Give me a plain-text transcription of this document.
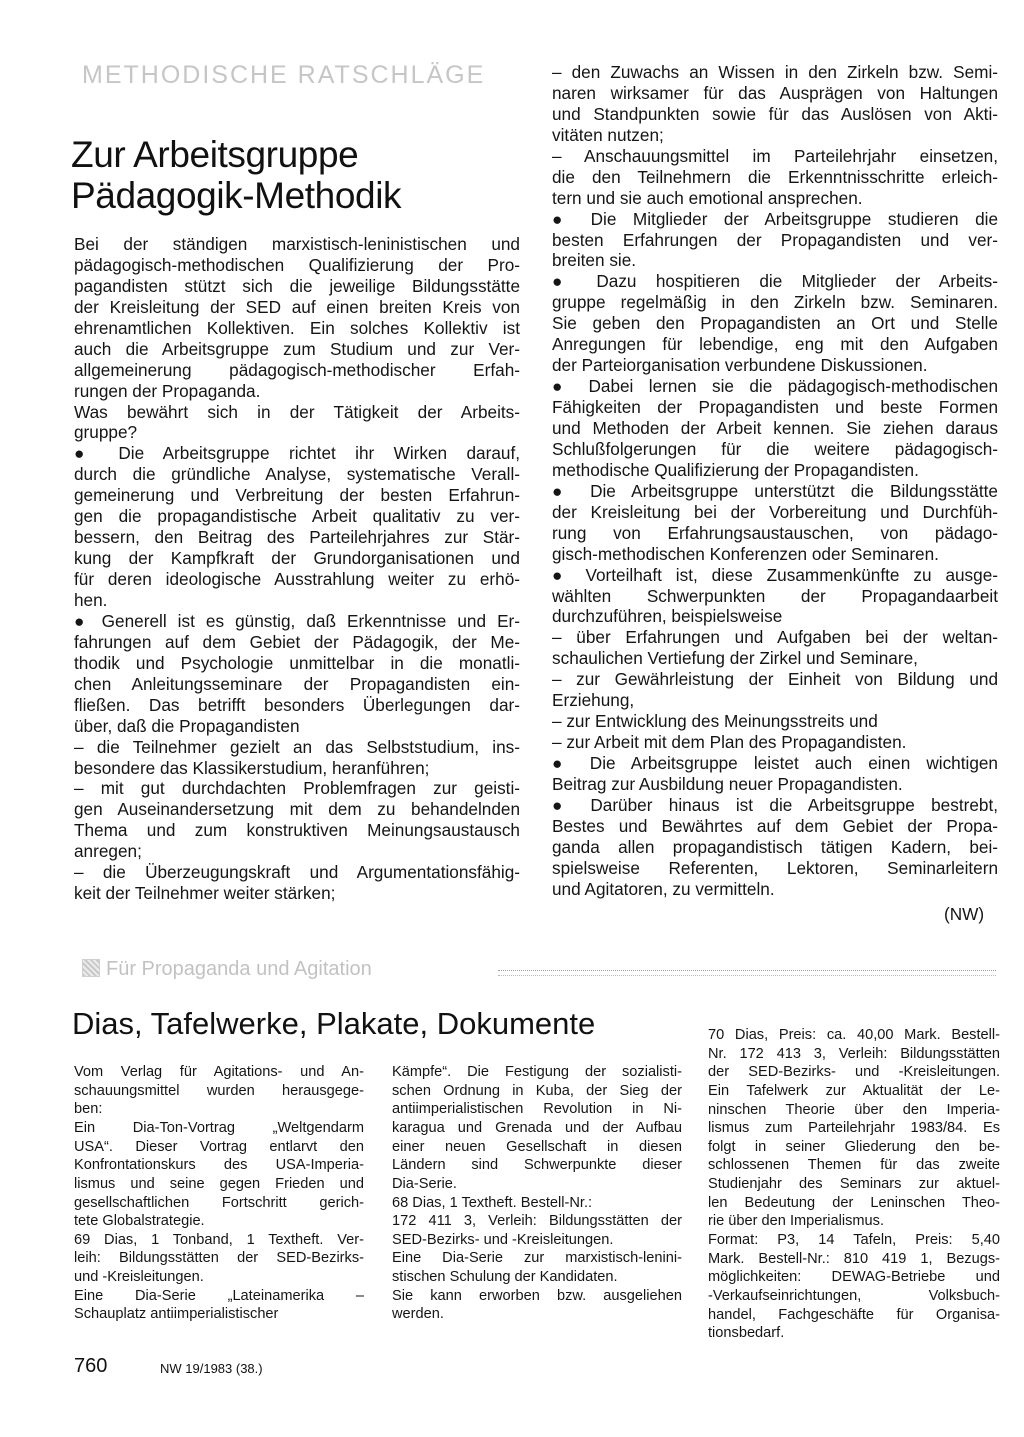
METHODISCHE RATSCHLÄGE
Zur Arbeitsgruppe
Pädagogik-Methodik
Bei der ständigen marxistisch-leninistischen und
pädagogisch-methodischen Qualifizierung der Pro-
pagandisten stützt sich die jeweilige Bildungsstätte
der Kreisleitung der SED auf einen breiten Kreis von
ehrenamtlichen Kollektiven. Ein solches Kollektiv ist
auch die Arbeitsgruppe zum Studium und zur Ver-
allgemeinerung pädagogisch-methodischer Erfah-
rungen der Propaganda.
Was bewährt sich in der Tätigkeit der Arbeits-
gruppe?
● Die Arbeitsgruppe richtet ihr Wirken darauf,
durch die gründliche Analyse, systematische Verall-
gemeinerung und Verbreitung der besten Erfahrun-
gen die propagandistische Arbeit qualitativ zu ver-
bessern, den Beitrag des Parteilehrjahres zur Stär-
kung der Kampfkraft der Grundorganisationen und
für deren ideologische Ausstrahlung weiter zu erhö-
hen.
● Generell ist es günstig, daß Erkenntnisse und Er-
fahrungen auf dem Gebiet der Pädagogik, der Me-
thodik und Psychologie unmittelbar in die monatli-
chen Anleitungsseminare der Propagandisten ein-
fließen. Das betrifft besonders Überlegungen dar-
über, daß die Propagandisten
– die Teilnehmer gezielt an das Selbststudium, ins-
besondere das Klassikerstudium, heranführen;
– mit gut durchdachten Problemfragen zur geisti-
gen Auseinandersetzung mit dem zu behandelnden
Thema und zum konstruktiven Meinungsaustausch
anregen;
– die Überzeugungskraft und Argumentationsfähig-
keit der Teilnehmer weiter stärken;
– den Zuwachs an Wissen in den Zirkeln bzw. Semi-
naren wirksamer für das Ausprägen von Haltungen
und Standpunkten sowie für das Auslösen von Akti-
vitäten nutzen;
– Anschauungsmittel im Parteilehrjahr einsetzen,
die den Teilnehmern die Erkenntnisschritte erleich-
tern und sie auch emotional ansprechen.
● Die Mitglieder der Arbeitsgruppe studieren die
besten Erfahrungen der Propagandisten und ver-
breiten sie.
● Dazu hospitieren die Mitglieder der Arbeits-
gruppe regelmäßig in den Zirkeln bzw. Seminaren.
Sie geben den Propagandisten an Ort und Stelle
Anregungen für lebendige, eng mit den Aufgaben
der Parteiorganisation verbundene Diskussionen.
● Dabei lernen sie die pädagogisch-methodischen
Fähigkeiten der Propagandisten und beste Formen
und Methoden der Arbeit kennen. Sie ziehen daraus
Schlußfolgerungen für die weitere pädagogisch-
methodische Qualifizierung der Propagandisten.
● Die Arbeitsgruppe unterstützt die Bildungsstätte
der Kreisleitung bei der Vorbereitung und Durchfüh-
rung von Erfahrungsaustauschen, von pädago-
gisch-methodischen Konferenzen oder Seminaren.
● Vorteilhaft ist, diese Zusammenkünfte zu ausge-
wählten Schwerpunkten der Propagandaarbeit
durchzuführen, beispielsweise
– über Erfahrungen und Aufgaben bei der weltan-
schaulichen Vertiefung der Zirkel und Seminare,
– zur Gewährleistung der Einheit von Bildung und
Erziehung,
– zur Entwicklung des Meinungsstreits und
– zur Arbeit mit dem Plan des Propagandisten.
● Die Arbeitsgruppe leistet auch einen wichtigen
Beitrag zur Ausbildung neuer Propagandisten.
● Darüber hinaus ist die Arbeitsgruppe bestrebt,
Bestes und Bewährtes auf dem Gebiet der Propa-
ganda allen propagandistisch tätigen Kadern, bei-
spielsweise Referenten, Lektoren, Seminarleitern
und Agitatoren, zu vermitteln.
(NW)
Für Propaganda und Agitation
Dias, Tafelwerke, Plakate, Dokumente
Vom Verlag für Agitations- und An-
schauungsmittel wurden herausgege-
ben:
Ein Dia-Ton-Vortrag „Weltgendarm
USA“. Dieser Vortrag entlarvt den
Konfrontationskurs des USA-Imperia-
lismus und seine gegen Frieden und
gesellschaftlichen Fortschritt gerich-
tete Globalstrategie.
69 Dias, 1 Tonband, 1 Textheft. Ver-
leih: Bildungsstätten der SED-Bezirks-
und -Kreisleitungen.
Eine Dia-Serie „Lateinamerika –
Schauplatz antiimperialistischer
Kämpfe“. Die Festigung der sozialisti-
schen Ordnung in Kuba, der Sieg der
antiimperialistischen Revolution in Ni-
karagua und Grenada und der Aufbau
einer neuen Gesellschaft in diesen
Ländern sind Schwerpunkte dieser
Dia-Serie.
68 Dias, 1 Textheft. Bestell-Nr.:
172 411 3, Verleih: Bildungsstätten der
SED-Bezirks- und -Kreisleitungen.
Eine Dia-Serie zur marxistisch-lenini-
stischen Schulung der Kandidaten.
Sie kann erworben bzw. ausgeliehen
werden.
70 Dias, Preis: ca. 40,00 Mark. Bestell-
Nr. 172 413 3, Verleih: Bildungsstätten
der SED-Bezirks- und -Kreisleitungen.
Ein Tafelwerk zur Aktualität der Le-
ninschen Theorie über den Imperia-
lismus zum Parteilehrjahr 1983/84. Es
folgt in seiner Gliederung den be-
schlossenen Themen für das zweite
Studienjahr des Seminars zur aktuel-
len Bedeutung der Leninschen Theo-
rie über den Imperialismus.
Format: P3, 14 Tafeln, Preis: 5,40
Mark. Bestell-Nr.: 810 419 1, Bezugs-
möglichkeiten: DEWAG-Betriebe und
-Verkaufseinrichtungen, Volksbuch-
handel, Fachgeschäfte für Organisa-
tionsbedarf.
760	NW 19/1983 (38.)
